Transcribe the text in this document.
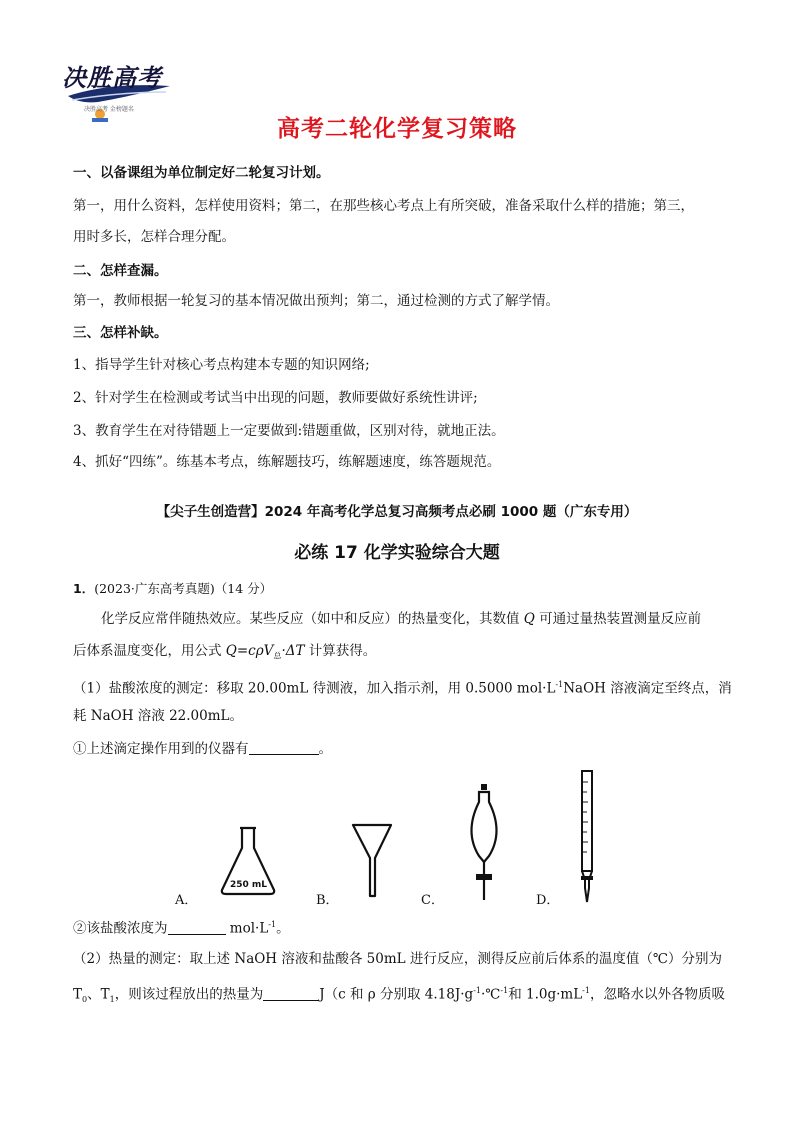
决胜高考
决胜高考 金榜题名
高考二轮化学复习策略
一、以备课组为单位制定好二轮复习计划。
第一，用什么资料，怎样使用资料；第二，在那些核心考点上有所突破，准备采取什么样的措施；第三，
用时多长，怎样合理分配。
二、怎样查漏。
第一，教师根据一轮复习的基本情况做出预判；第二，通过检测的方式了解学情。
三、怎样补缺。
1、指导学生针对核心考点构建本专题的知识网络;
2、针对学生在检测或考试当中出现的问题，教师要做好系统性讲评;
3、教育学生在对待错题上一定要做到:错题重做，区别对待，就地正法。
4、抓好“四练”。练基本考点，练解题技巧，练解题速度，练答题规范。
【尖子生创造营】2024 年高考化学总复习高频考点必刷 1000 题（广东专用）
必练 17 化学实验综合大题
1．(2023·广东高考真题)（14 分）
化学反应常伴随热效应。某些反应（如中和反应）的热量变化，其数值 Q 可通过量热装置测量反应前
后体系温度变化，用公式 Q=cρV$_总$·ΔT 计算获得。
（1）盐酸浓度的测定：移取 20.00mL 待测液，加入指示剂，用 0.5000 $mol\cdot L^{-1}NaOH$ 溶液滴定至终点，消
耗 NaOH 溶液 22.00mL。
①上述滴定操作用到的仪器有	。
A．
250 mL
B．	C．	D．
②该盐酸浓度为	$mol\cdot L^{-1}$。
（2）热量的测定：取上述 NaOH 溶液和盐酸各 50mL 进行反应，测得反应前后体系的温度值（℃）分别为
$T_0$、$T_1$，则该过程放出的热量为	J（c 和 ρ 分别取 $4.18J\cdot g^{-1}\cdot℃^{-1}$和 $1.0g\cdot mL^{-1}$，忽略水以外各物质吸
